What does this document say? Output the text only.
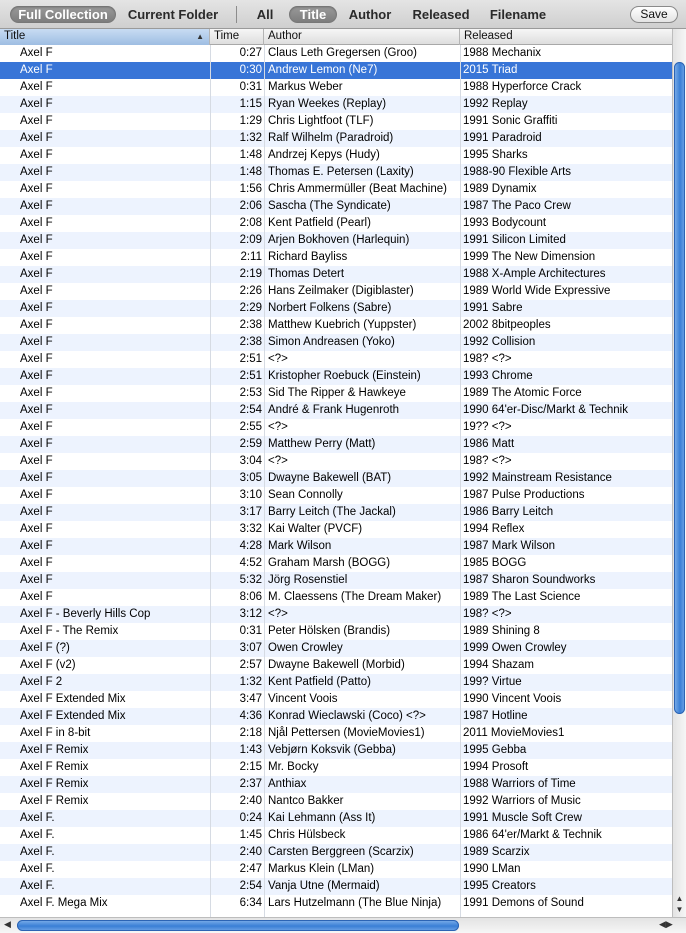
Full Collection	Current Folder	All	Title	Author	Released	Filename	Save
Title	▲ Time	Author	Released
Axel F	0:27 Claus Leth Gregersen (Groo)	1988 Mechanix
Axel F	0:30 Andrew Lemon (Ne7)	2015 Triad
Axel F	0:31 Markus Weber	1988 Hyperforce Crack
Axel F	1:15 Ryan Weekes (Replay)	1992 Replay
Axel F	1:29 Chris Lightfoot (TLF)	1991 Sonic Graffiti
Axel F	1:32 Ralf Wilhelm (Paradroid)	1991 Paradroid
Axel F	1:48 Andrzej Kepys (Hudy)	1995 Sharks
Axel F	1:48 Thomas E. Petersen (Laxity)	1988-90 Flexible Arts
Axel F	1:56 Chris Ammermüller (Beat Machine)	1989 Dynamix
Axel F	2:06 Sascha (The Syndicate)	1987 The Paco Crew
Axel F	2:08 Kent Patfield (Pearl)	1993 Bodycount
Axel F	2:09 Arjen Bokhoven (Harlequin)	1991 Silicon Limited
Axel F	2:11 Richard Bayliss	1999 The New Dimension
Axel F	2:19 Thomas Detert	1988 X-Ample Architectures
Axel F	2:26 Hans Zeilmaker (Digiblaster)	1989 World Wide Expressive
Axel F	2:29 Norbert Folkens (Sabre)	1991 Sabre
Axel F	2:38 Matthew Kuebrich (Yuppster)	2002 8bitpeoples
Axel F	2:38 Simon Andreasen (Yoko)	1992 Collision
Axel F	2:51 <?>	198? <?>
Axel F	2:51 Kristopher Roebuck (Einstein)	1993 Chrome
Axel F	2:53 Sid The Ripper & Hawkeye	1989 The Atomic Force
Axel F	2:54 André & Frank Hugenroth	1990 64'er-Disc/Markt & Technik
Axel F	2:55 <?>	19?? <?>
Axel F	2:59 Matthew Perry (Matt)	1986 Matt
Axel F	3:04 <?>	198? <?>
Axel F	3:05 Dwayne Bakewell (BAT)	1992 Mainstream Resistance
Axel F	3:10 Sean Connolly	1987 Pulse Productions
Axel F	3:17 Barry Leitch (The Jackal)	1986 Barry Leitch
Axel F	3:32 Kai Walter (PVCF)	1994 Reflex
Axel F	4:28 Mark Wilson	1987 Mark Wilson
Axel F	4:52 Graham Marsh (BOGG)	1985 BOGG
Axel F	5:32 Jörg Rosenstiel	1987 Sharon Soundworks
Axel F	8:06 M. Claessens (The Dream Maker)	1989 The Last Science
Axel F - Beverly Hills Cop	3:12 <?>	198? <?>
Axel F - The Remix	0:31 Peter Hölsken (Brandis)	1989 Shining 8
Axel F (?)	3:07 Owen Crowley	1999 Owen Crowley
Axel F (v2)	2:57 Dwayne Bakewell (Morbid)	1994 Shazam
Axel F 2	1:32 Kent Patfield (Patto)	199? Virtue
Axel F Extended Mix	3:47 Vincent Voois	1990 Vincent Voois
Axel F Extended Mix	4:36 Konrad Wieclawski (Coco) <?>	1987 Hotline
Axel F in 8-bit	2:18 Njål Pettersen (MovieMovies1)	2011 MovieMovies1
Axel F Remix	1:43 Vebjørn Koksvik (Gebba)	1995 Gebba
Axel F Remix	2:15 Mr. Bocky	1994 Prosoft
Axel F Remix	2:37 Anthiax	1988 Warriors of Time
Axel F Remix	2:40 Nantco Bakker	1992 Warriors of Music
Axel F.	0:24 Kai Lehmann (Ass It)	1991 Muscle Soft Crew
Axel F.	1:45 Chris Hülsbeck	1986 64'er/Markt & Technik
Axel F.	2:40 Carsten Berggreen (Scarzix)	1989 Scarzix
Axel F.	2:47 Markus Klein (LMan)	1990 LMan
Axel F.	2:54 Vanja Utne (Mermaid)	1995 Creators
Axel F. Mega Mix	6:34 Lars Hutzelmann (The Blue Ninja)	1991 Demons of Sound	▲
▼
◀	◀▶
